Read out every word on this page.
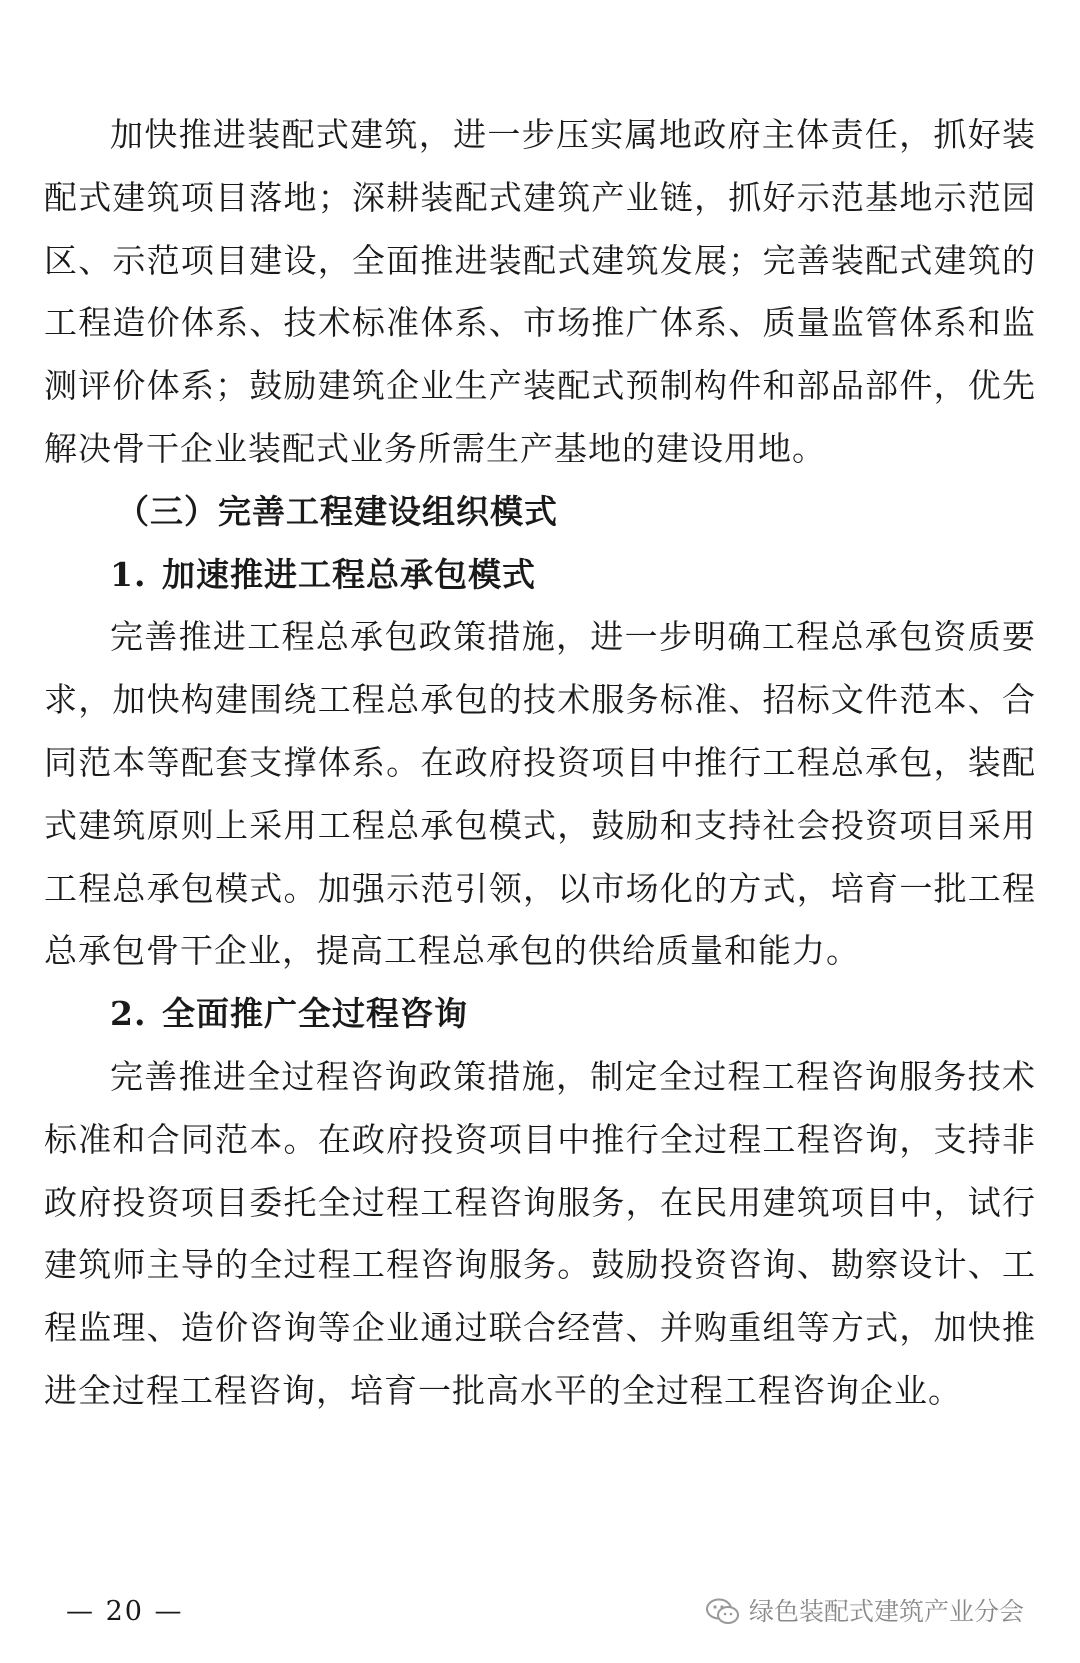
加快推进装配式建筑，进一步压实属地政府主体责任，抓好装配式建筑项目落地；深耕装配式建筑产业链，抓好示范基地示范园区、示范项目建设，全面推进装配式建筑发展；完善装配式建筑的工程造价体系、技术标准体系、市场推广体系、质量监管体系和监测评价体系；鼓励建筑企业生产装配式预制构件和部品部件，优先解决骨干企业装配式业务所需生产基地的建设用地。

（三）完善工程建设组织模式

1. 加速推进工程总承包模式

完善推进工程总承包政策措施，进一步明确工程总承包资质要求，加快构建围绕工程总承包的技术服务标准、招标文件范本、合同范本等配套支撑体系。在政府投资项目中推行工程总承包，装配式建筑原则上采用工程总承包模式，鼓励和支持社会投资项目采用工程总承包模式。加强示范引领，以市场化的方式，培育一批工程总承包骨干企业，提高工程总承包的供给质量和能力。

2. 全面推广全过程咨询

完善推进全过程咨询政策措施，制定全过程工程咨询服务技术标准和合同范本。在政府投资项目中推行全过程工程咨询，支持非政府投资项目委托全过程工程咨询服务，在民用建筑项目中，试行建筑师主导的全过程工程咨询服务。鼓励投资咨询、勘察设计、工程监理、造价咨询等企业通过联合经营、并购重组等方式，加快推进全过程工程咨询，培育一批高水平的全过程工程咨询企业。

— 20 —	绿色装配式建筑产业分会
